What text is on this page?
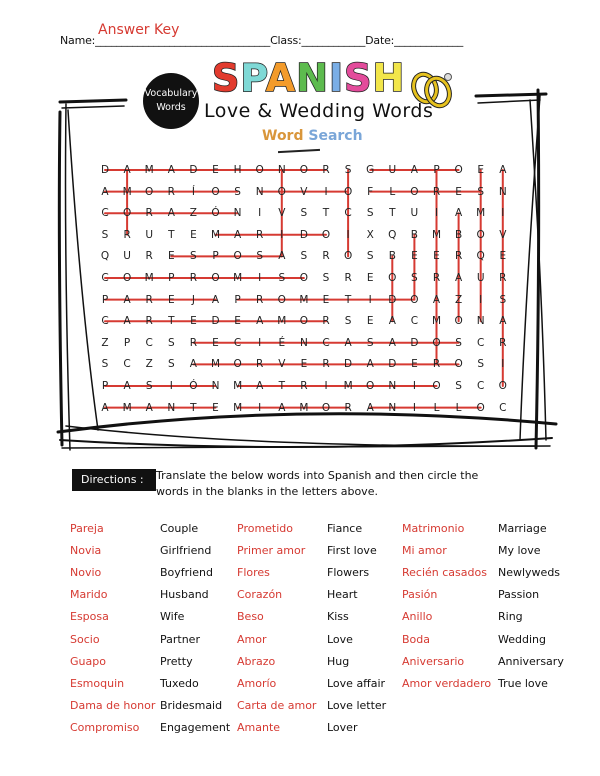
Answer Key
Name:_________________________________Class:____________Date:_____________
Vocabulary
Words
SPANISH
Love & Wedding Words
Word Search
D	A	M	A	D	E	H	O	N	O	R	S	G	U	A	P	O	E	A
A	M	O	R	Í	O	S	N	O	V	I	O	F	L	O	R	E	S	N
C	O	R	A	Z	Ó	N	I	V	S	T	C	S	T	U	I	A	M	I
S	R	U	T	E	M	A	R	I	D	O	I	X	Q	B	M	B	O	V
Q	U	R	E	S	P	O	S	A	S	R	O	S	B	E	E	R	Q	E
C	O	M	P	R	O	M	I	S	O	S	R	E	O	S	R	A	U	R
P	A	R	E	J	A	P	R	O	M	E	T	I	D	O	A	Z	I	S
C	A	R	T	E	D	E	A	M	O	R	S	E	A	C	M	O	N	A
Z	P	C	S	R	E	C	I	É	N	C	A	S	A	D	O	S	C	R
S	C	Z	S	A	M	O	R	V	E	R	D	A	D	E	R	O	S	I
P	A	S	I	Ó	N	M	A	T	R	I	M	O	N	I	O	S	C	O
A	M	A	N	T	E	M	I	A	M	O	R	A	N	I	L	L	O	C
Directions :	Translate the below words into Spanish and then circle the words in the blanks in the letters above.
Pareja	Couple
Novia	Girlfriend
Novio	Boyfriend
Marido	Husband
Esposa	Wife
Socio	Partner
Guapo	Pretty
Esmoquin	Tuxedo
Dama de honor Bridesmaid
Compromiso Engagement
Prometido	Fiance
Primer amor First love
Flores	Flowers
Corazón	Heart
Beso	Kiss
Amor	Love
Abrazo	Hug
Amorío	Love affair
Carta de amor Love letter
Amante	Lover
Matrimonio	Marriage
Mi amor	My love
Recién casados Newlyweds
Pasión	Passion
Anillo	Ring
Boda	Wedding
Aniversario	Anniversary
Amor verdadero True love
